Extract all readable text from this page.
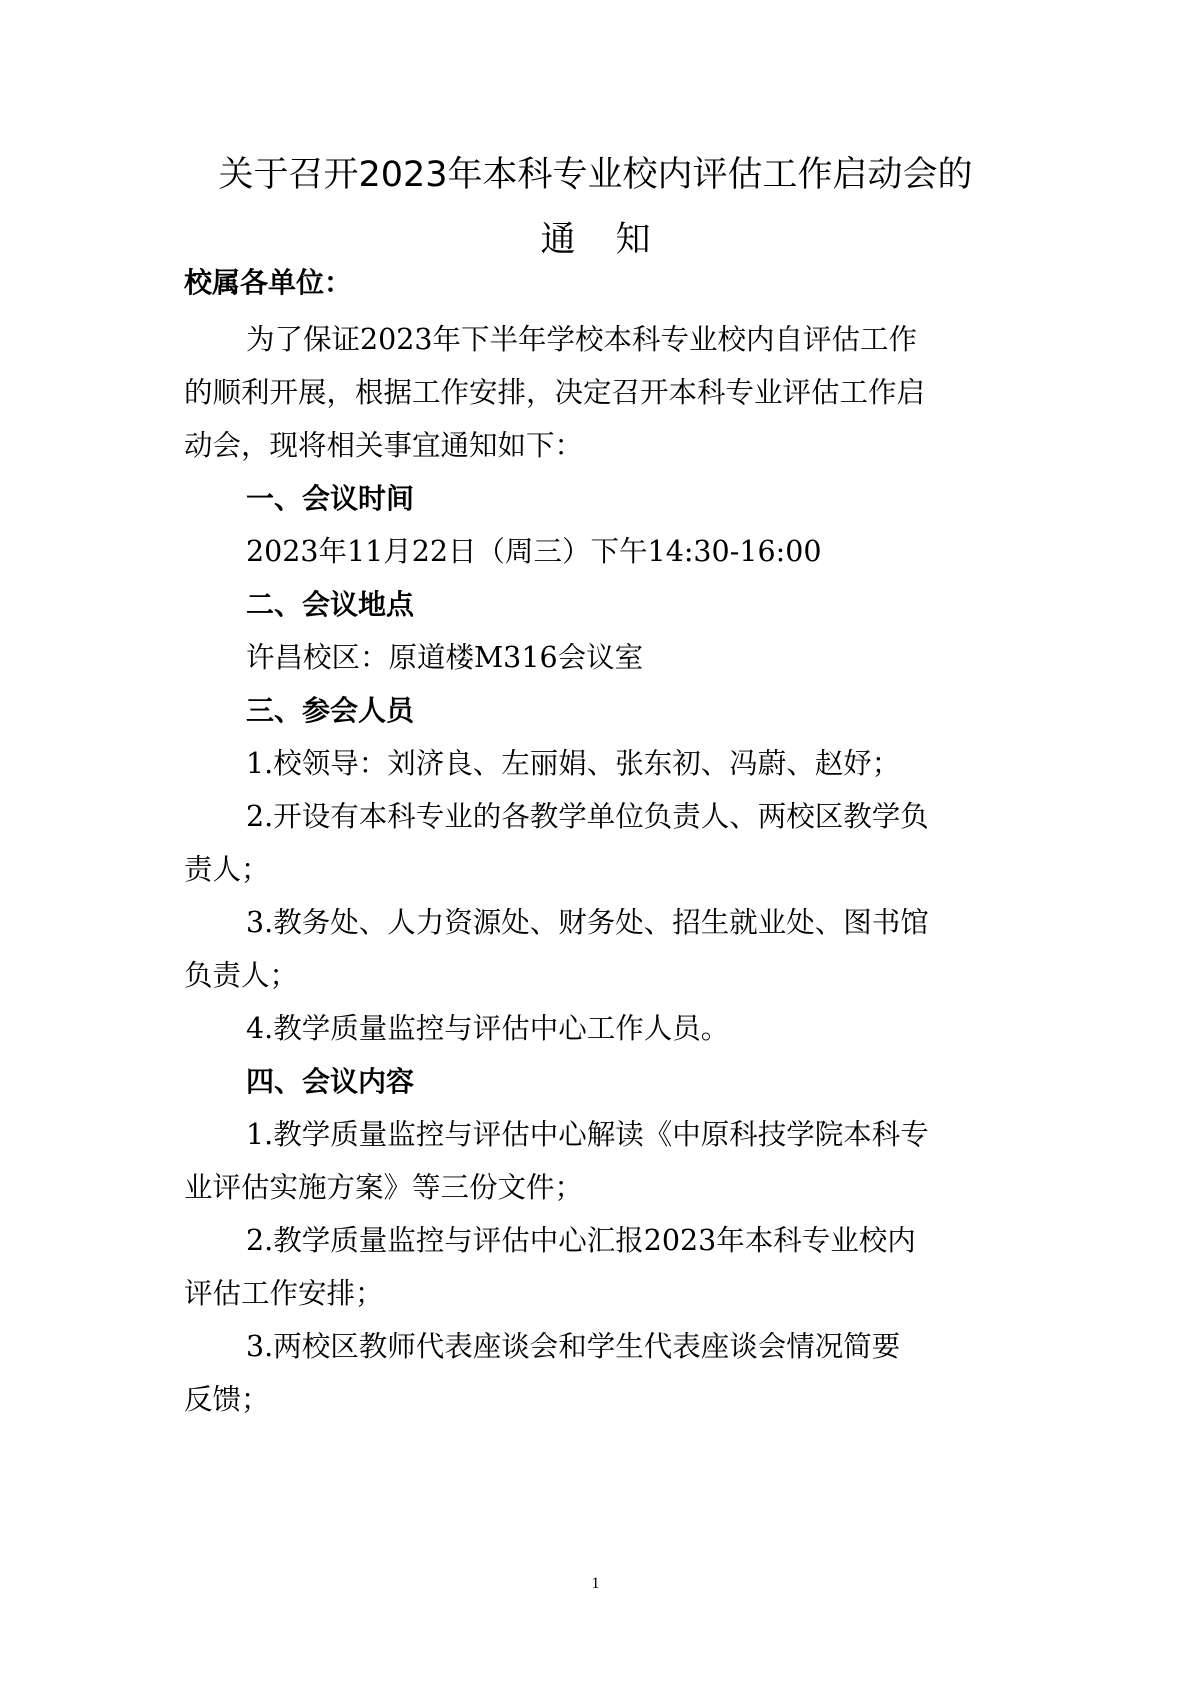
关于召开2023年本科专业校内评估工作启动会的
通知
校属各单位：
为了保证2023年下半年学校本科专业校内自评估工作
的顺利开展，根据工作安排，决定召开本科专业评估工作启
动会，现将相关事宜通知如下：
一、会议时间
2023年11月22日（周三）下午14:30-16:00
二、会议地点
许昌校区：原道楼M316会议室
三、参会人员
1.校领导：刘济良、左丽娟、张东初、冯蔚、赵妤；
2.开设有本科专业的各教学单位负责人、两校区教学负
责人；
3.教务处、人力资源处、财务处、招生就业处、图书馆
负责人；
4.教学质量监控与评估中心工作人员。
四、会议内容
1.教学质量监控与评估中心解读《中原科技学院本科专
业评估实施方案》等三份文件；
2.教学质量监控与评估中心汇报2023年本科专业校内
评估工作安排；
3.两校区教师代表座谈会和学生代表座谈会情况简要
反馈；
1
